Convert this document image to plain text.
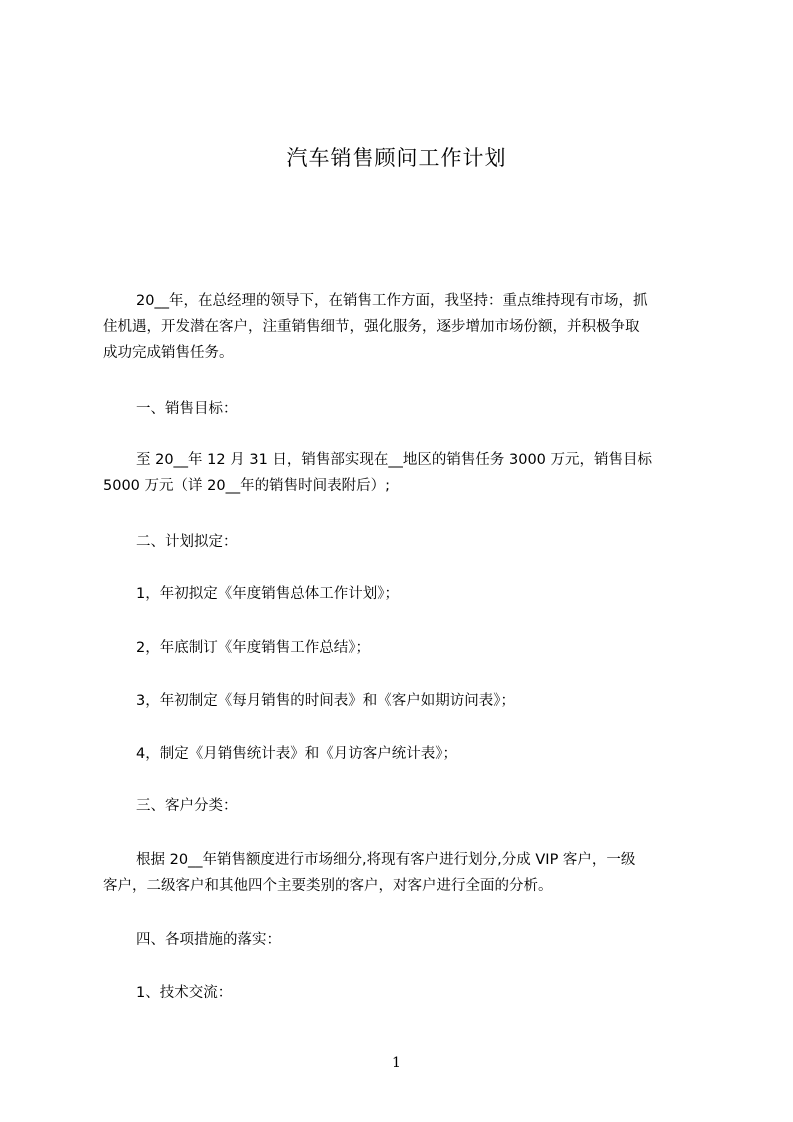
汽车销售顾问工作计划

20__年，在总经理的领导下，在销售工作方面，我坚持：重点维持现有市场，抓
住机遇，开发潜在客户，注重销售细节，强化服务，逐步增加市场份额，并积极争取
成功完成销售任务。

一、销售目标：

至 20__年 12 月 31 日，销售部实现在__地区的销售任务 3000 万元，销售目标
5000 万元（详 20__年的销售时间表附后）;

二、计划拟定：

1，年初拟定《年度销售总体工作计划》；

2，年底制订《年度销售工作总结》；

3，年初制定《每月销售的时间表》和《客户如期访问表》；

4，制定《月销售统计表》和《月访客户统计表》；

三、客户分类：

根据 20__年销售额度进行市场细分,将现有客户进行划分,分成 VIP 客户，一级
客户，二级客户和其他四个主要类别的客户，对客户进行全面的分析。

四、各项措施的落实：

1、技术交流：

1
